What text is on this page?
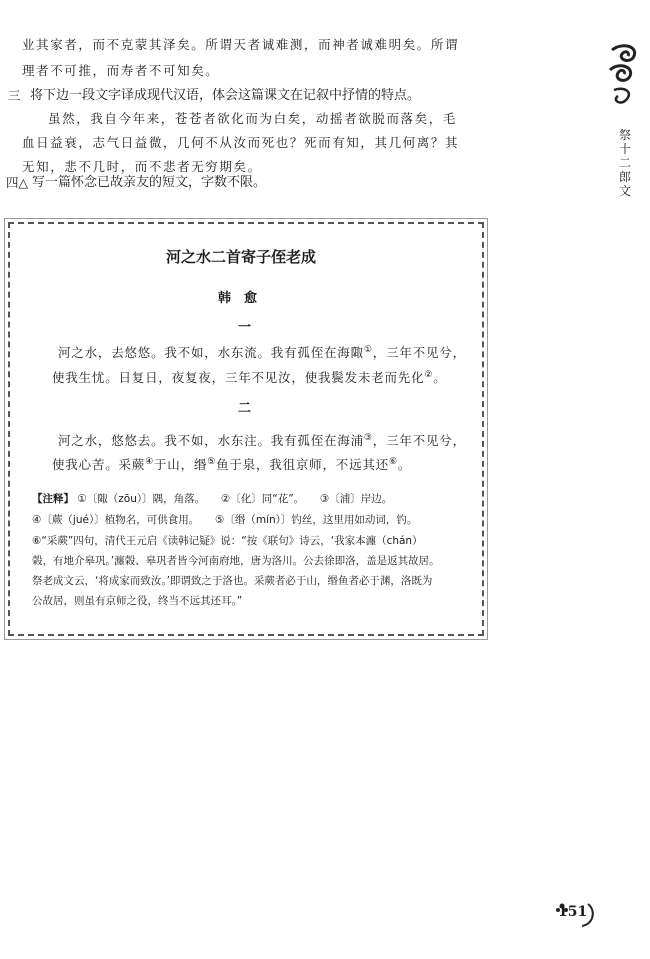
祭十二郎文
业其家者，而不克蒙其泽矣。所谓天者诚难测，而神者诚难明矣。所谓
理者不可推，而寿者不可知矣。
三 将下边一段文字译成现代汉语，体会这篇课文在记叙中抒情的特点。
虽然，我自今年来，苍苍者欲化而为白矣，动摇者欲脱而落矣，毛
血日益衰，志气日益微，几何不从汝而死也？死而有知，其几何离？其
无知，悲不几时，而不悲者无穷期矣。
四△ 写一篇怀念已故亲友的短文，字数不限。
河之水二首寄子侄老成
韩　愈
一
河之水，去悠悠。我不如，水东流。我有孤侄在海陬①，三年不见兮，
使我生忧。日复日，夜复夜，三年不见汝，使我鬓发未老而先化②。
二
河之水，悠悠去。我不如，水东注。我有孤侄在海浦③，三年不见兮，
使我心苦。采蕨④于山，缗⑤鱼于泉，我徂京师，不远其还⑥。
【注释】 ①〔陬（zōu）〕隅，角落。　　②〔化〕同“花”。　　③〔浦〕岸边。
④〔蕨（jué）〕植物名，可供食用。　　⑤〔缗（mín）〕钓丝，这里用如动词，钓。
⑥“采蕨”四句，清代王元启《读韩记疑》说：“按《联句》诗云，‘我家本瀍（chán）
榖，有地介皋巩。’瀍榖、皋巩者皆今河南府地，唐为洛川。公去徐即洛，盖是返其故居。
祭老成文云，‘将成家而致汝。’即谓致之于洛也。采蕨者必于山，缗鱼者必于渊，洛既为
公故居，则虽有京师之役，终当不远其还耳。”
151
